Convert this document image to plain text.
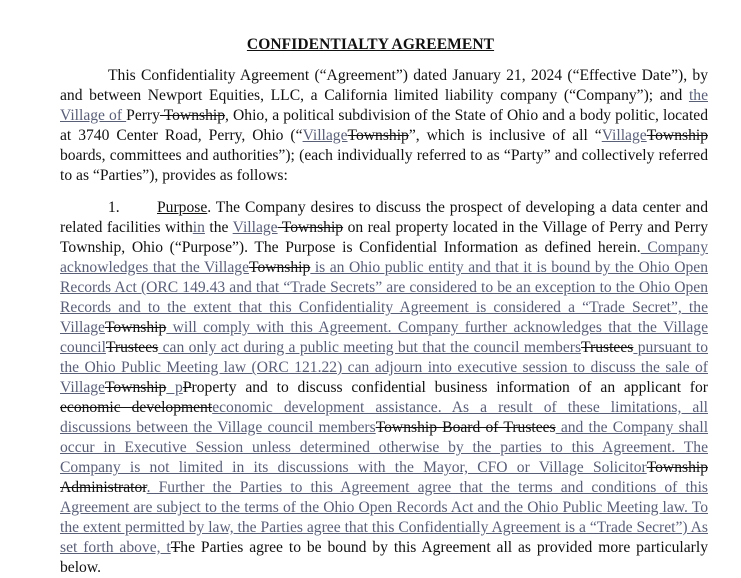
CONFIDENTIALTY AGREEMENT
This Confidentiality Agreement (“Agreement”) dated January 21, 2024 (“Effective Date”), by and between Newport Equities, LLC, a California limited liability company (“Company”); and the Village of Perry Township, Ohio, a political subdivision of the State of Ohio and a body politic, located at 3740 Center Road, Perry, Ohio (“VillageTownship”, which is inclusive of all “VillageTownship boards, committees and authorities”); (each individually referred to as “Party” and collectively referred to as “Parties”), provides as follows:
1. Purpose. The Company desires to discuss the prospect of developing a data center and related facilities within the Village Township on real property located in the Village of Perry and Perry Township, Ohio (“Purpose”). The Purpose is Confidential Information as defined herein. Company acknowledges that the VillageTownship is an Ohio public entity and that it is bound by the Ohio Open Records Act (ORC 149.43 and that “Trade Secrets” are considered to be an exception to the Ohio Open Records and to the extent that this Confidentiality Agreement is considered a “Trade Secret”, the VillageTownship will comply with this Agreement. Company further acknowledges that the Village councilTrustees can only act during a public meeting but that the council membersTrustees pursuant to the Ohio Public Meeting law (ORC 121.22) can adjourn into executive session to discuss the sale of VillageTownship pProperty and to discuss confidential business information of an applicant for economic developmenteconomic development assistance. As a result of these limitations, all discussions between the Village council membersTownship Board of Trustees and the Company shall occur in Executive Session unless determined otherwise by the parties to this Agreement. The Company is not limited in its discussions with the Mayor, CFO or Village SolicitorTownship Administrator. Further the Parties to this Agreement agree that the terms and conditions of this Agreement are subject to the terms of the Ohio Open Records Act and the Ohio Public Meeting law. To the extent permitted by law, the Parties agree that this Confidentially Agreement is a “Trade Secret”) As set forth above, tThe Parties agree to be bound by this Agreement all as provided more particularly below.
